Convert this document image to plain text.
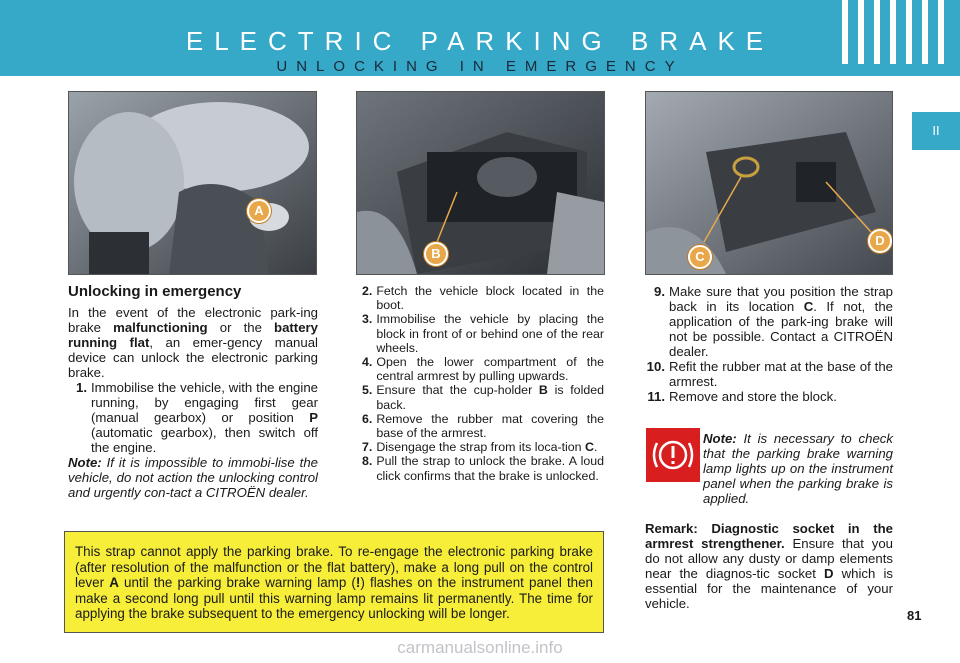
ELECTRIC PARKING BRAKE
UNLOCKING IN EMERGENCY
II
A
B	C
D
Unlocking in emergency

In the event of the electronic park-ing brake malfunctioning or the battery running flat, an emer-gency manual device can unlock the electronic parking brake.

1. Immobilise the vehicle, with the engine running, by engaging first gear (manual gearbox) or position P (automatic gearbox), then switch off the engine.

Note: If it is impossible to immobi-lise the vehicle, do not action the unlocking control and urgently con-tact a CITROËN dealer.

2. Fetch the vehicle block located in the boot.
3. Immobilise the vehicle by placing the block in front of or behind one of the rear wheels.
4. Open the lower compartment of the central armrest by pulling upwards.
5. Ensure that the cup-holder B is folded back.
6. Remove the rubber mat covering the base of the armrest.
7. Disengage the strap from its loca-tion C.
8. Pull the strap to unlock the brake. A loud click confirms that the brake is unlocked.
9. Make sure that you position the strap back in its location C. If not, the application of the park-ing brake will not be possible. Contact a CITROËN dealer.
10. Refit the rubber mat at the base of the armrest.
11. Remove and store the block.
Note: It is necessary to check that the parking brake warning lamp lights up on the instrument panel when the parking brake is applied.
Remark: Diagnostic socket in the armrest strengthener. Ensure that you do not allow any dusty or damp elements near the diagnos-tic socket D which is essential for the maintenance of your vehicle.
This strap cannot apply the parking brake. To re-engage the electronic parking brake (after resolution of the malfunction or the flat battery), make a long pull on the control lever A until the parking brake warning lamp (!) flashes on the instrument panel then make a second long pull until this warning lamp remains lit permanently. The time for applying the brake subsequent to the emergency unlocking will be longer.	81
carmanualsonline.info
